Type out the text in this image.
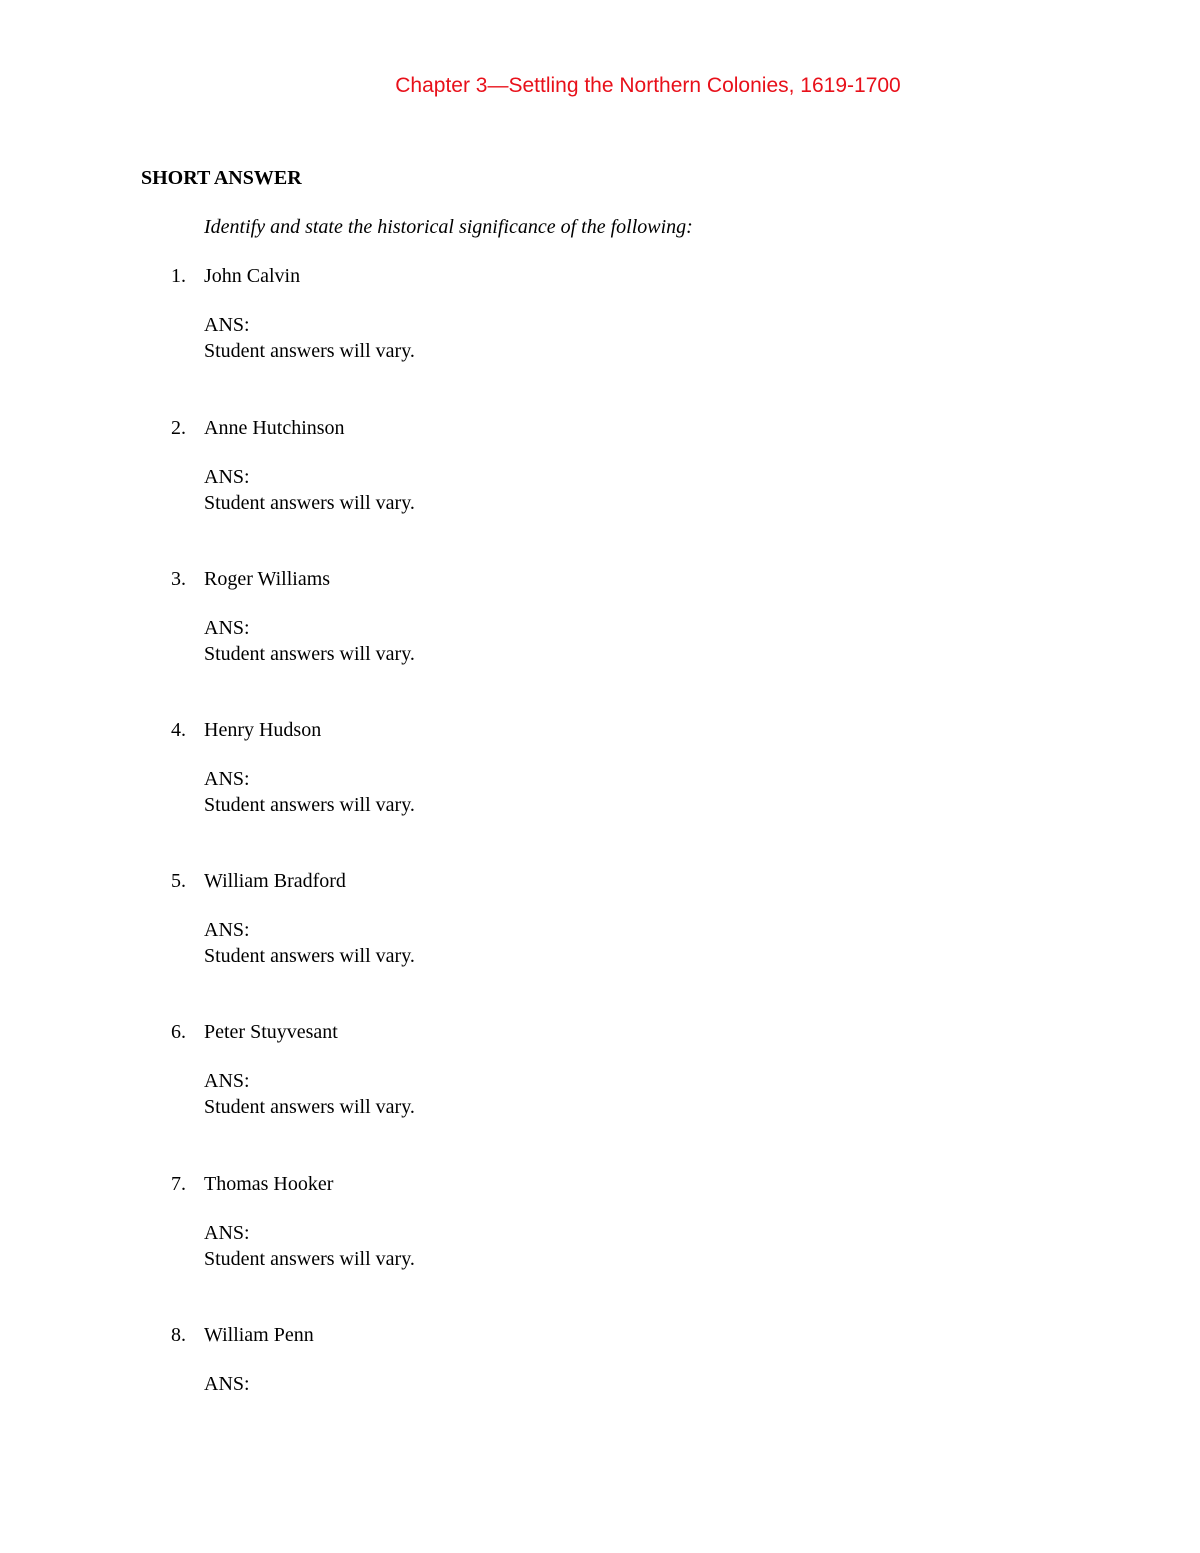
Chapter 3—Settling the Northern Colonies, 1619-1700
SHORT ANSWER
Identify and state the historical significance of the following:
1. John Calvin
ANS:
Student answers will vary.
2. Anne Hutchinson
ANS:
Student answers will vary.
3. Roger Williams
ANS:
Student answers will vary.
4. Henry Hudson
ANS:
Student answers will vary.
5. William Bradford
ANS:
Student answers will vary.
6. Peter Stuyvesant
ANS:
Student answers will vary.
7. Thomas Hooker
ANS:
Student answers will vary.
8. William Penn
ANS:
